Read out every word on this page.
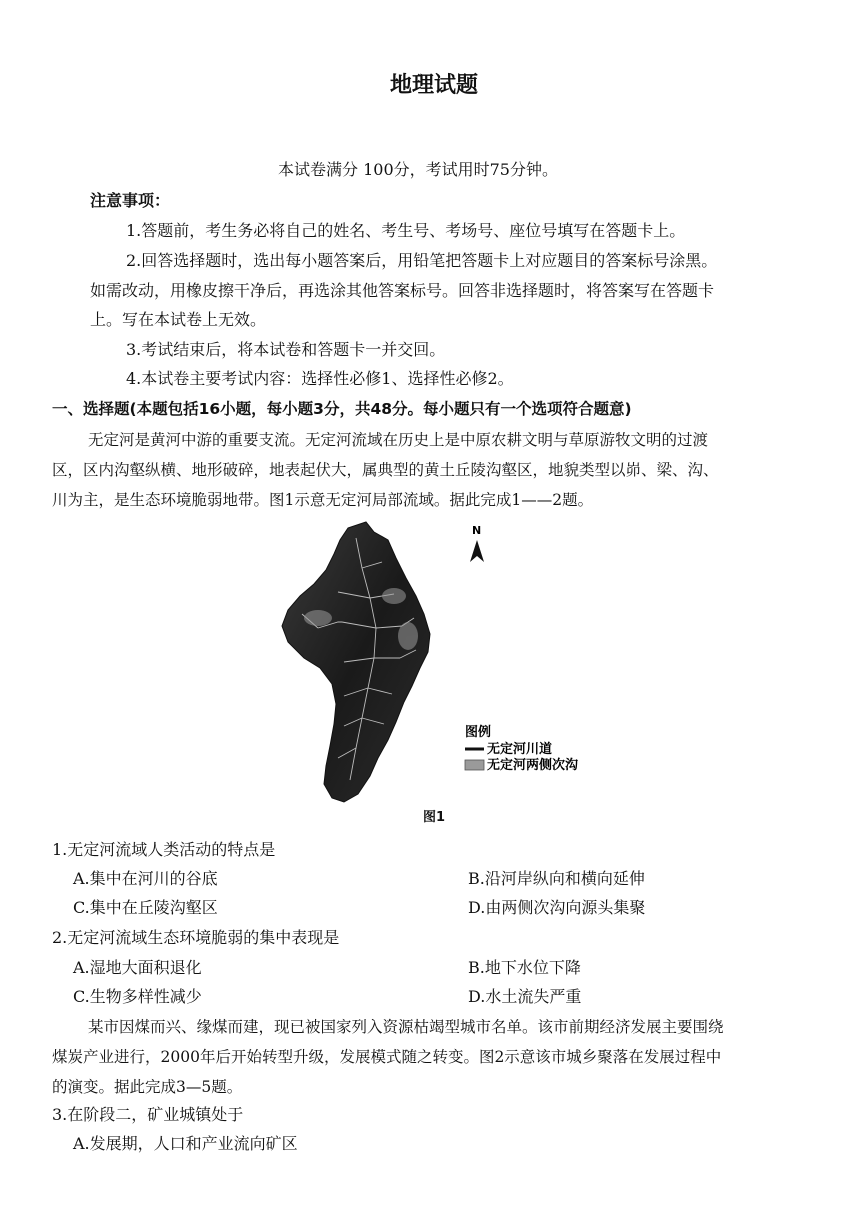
地理试题
本试卷满分 100分，考试用时75分钟。
注意事项：
1.答题前，考生务必将自己的姓名、考生号、考场号、座位号填写在答题卡上。
2.回答选择题时，选出每小题答案后，用铅笔把答题卡上对应题目的答案标号涂黑。
如需改动，用橡皮擦干净后，再选涂其他答案标号。回答非选择题时，将答案写在答题卡
上。写在本试卷上无效。
3.考试结束后，将本试卷和答题卡一并交回。
4.本试卷主要考试内容：选择性必修1、选择性必修2。
一、选择题(本题包括16小题，每小题3分，共48分。每小题只有一个选项符合题意)
无定河是黄河中游的重要支流。无定河流域在历史上是中原农耕文明与草原游牧文明的过渡
区，区内沟壑纵横、地形破碎，地表起伏大，属典型的黄土丘陵沟壑区，地貌类型以峁、梁、沟、
川为主，是生态环境脆弱地带。图1示意无定河局部流域。据此完成1——2题。
N
图例
无定河川道
无定河两侧次沟
图1
1.无定河流域人类活动的特点是
A.集中在河川的谷底	B.沿河岸纵向和横向延伸
C.集中在丘陵沟壑区	D.由两侧次沟向源头集聚
2.无定河流域生态环境脆弱的集中表现是
A.湿地大面积退化	B.地下水位下降
C.生物多样性减少	D.水土流失严重
某市因煤而兴、缘煤而建，现已被国家列入资源枯竭型城市名单。该市前期经济发展主要围绕
煤炭产业进行，2000年后开始转型升级，发展模式随之转变。图2示意该市城乡聚落在发展过程中
的演变。据此完成3—5题。
3.在阶段二，矿业城镇处于
A.发展期，人口和产业流向矿区
